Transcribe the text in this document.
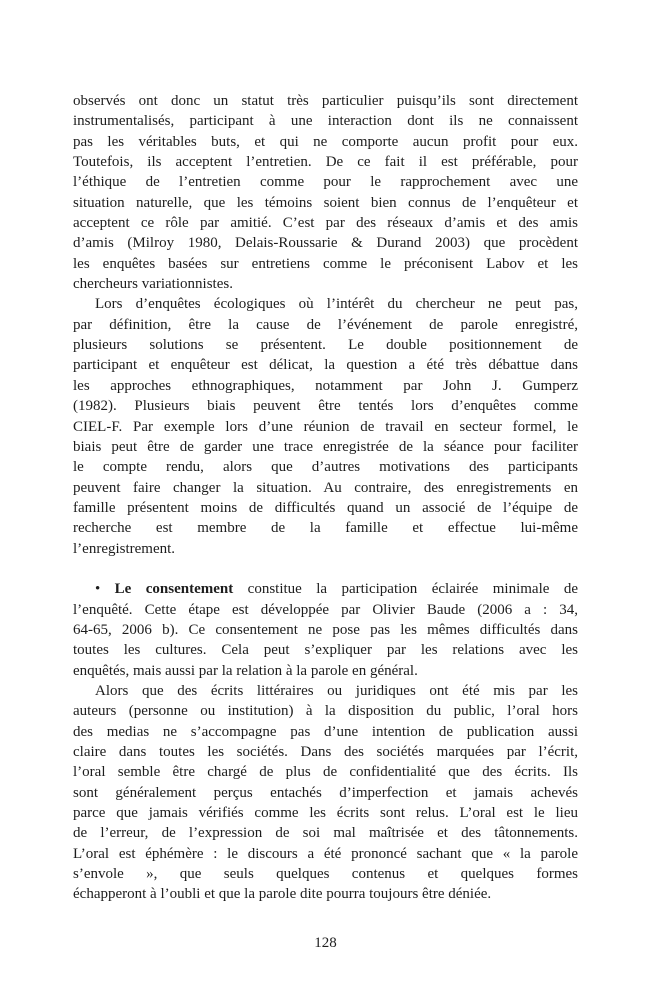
observés ont donc un statut très particulier puisqu’ils sont directement
instrumentalisés, participant à une interaction dont ils ne connaissent
pas les véritables buts, et qui ne comporte aucun profit pour eux.
Toutefois, ils acceptent l’entretien. De ce fait il est préférable, pour
l’éthique de l’entretien comme pour le rapprochement avec une
situation naturelle, que les témoins soient bien connus de l’enquêteur et
acceptent ce rôle par amitié. C’est par des réseaux d’amis et des amis
d’amis (Milroy 1980, Delais-Roussarie & Durand 2003) que procèdent
les enquêtes basées sur entretiens comme le préconisent Labov et les
chercheurs variationnistes.
Lors d’enquêtes écologiques où l’intérêt du chercheur ne peut pas,
par définition, être la cause de l’événement de parole enregistré,
plusieurs solutions se présentent. Le double positionnement de
participant et enquêteur est délicat, la question a été très débattue dans
les approches ethnographiques, notamment par John J. Gumperz
(1982). Plusieurs biais peuvent être tentés lors d’enquêtes comme
CIEL-F. Par exemple lors d’une réunion de travail en secteur formel, le
biais peut être de garder une trace enregistrée de la séance pour faciliter
le compte rendu, alors que d’autres motivations des participants
peuvent faire changer la situation. Au contraire, des enregistrements en
famille présentent moins de difficultés quand un associé de l’équipe de
recherche est membre de la famille et effectue lui-même
l’enregistrement.
• Le consentement constitue la participation éclairée minimale de
l’enquêté. Cette étape est développée par Olivier Baude (2006 a : 34,
64-65, 2006 b). Ce consentement ne pose pas les mêmes difficultés dans
toutes les cultures. Cela peut s’expliquer par les relations avec les
enquêtés, mais aussi par la relation à la parole en général.
Alors que des écrits littéraires ou juridiques ont été mis par les
auteurs (personne ou institution) à la disposition du public, l’oral hors
des medias ne s’accompagne pas d’une intention de publication aussi
claire dans toutes les sociétés. Dans des sociétés marquées par l’écrit,
l’oral semble être chargé de plus de confidentialité que des écrits. Ils
sont généralement perçus entachés d’imperfection et jamais achevés
parce que jamais vérifiés comme les écrits sont relus. L’oral est le lieu
de l’erreur, de l’expression de soi mal maîtrisée et des tâtonnements.
L’oral est éphémère : le discours a été prononcé sachant que « la parole
s’envole », que seuls quelques contenus et quelques formes
échapperont à l’oubli et que la parole dite pourra toujours être déniée.
128
